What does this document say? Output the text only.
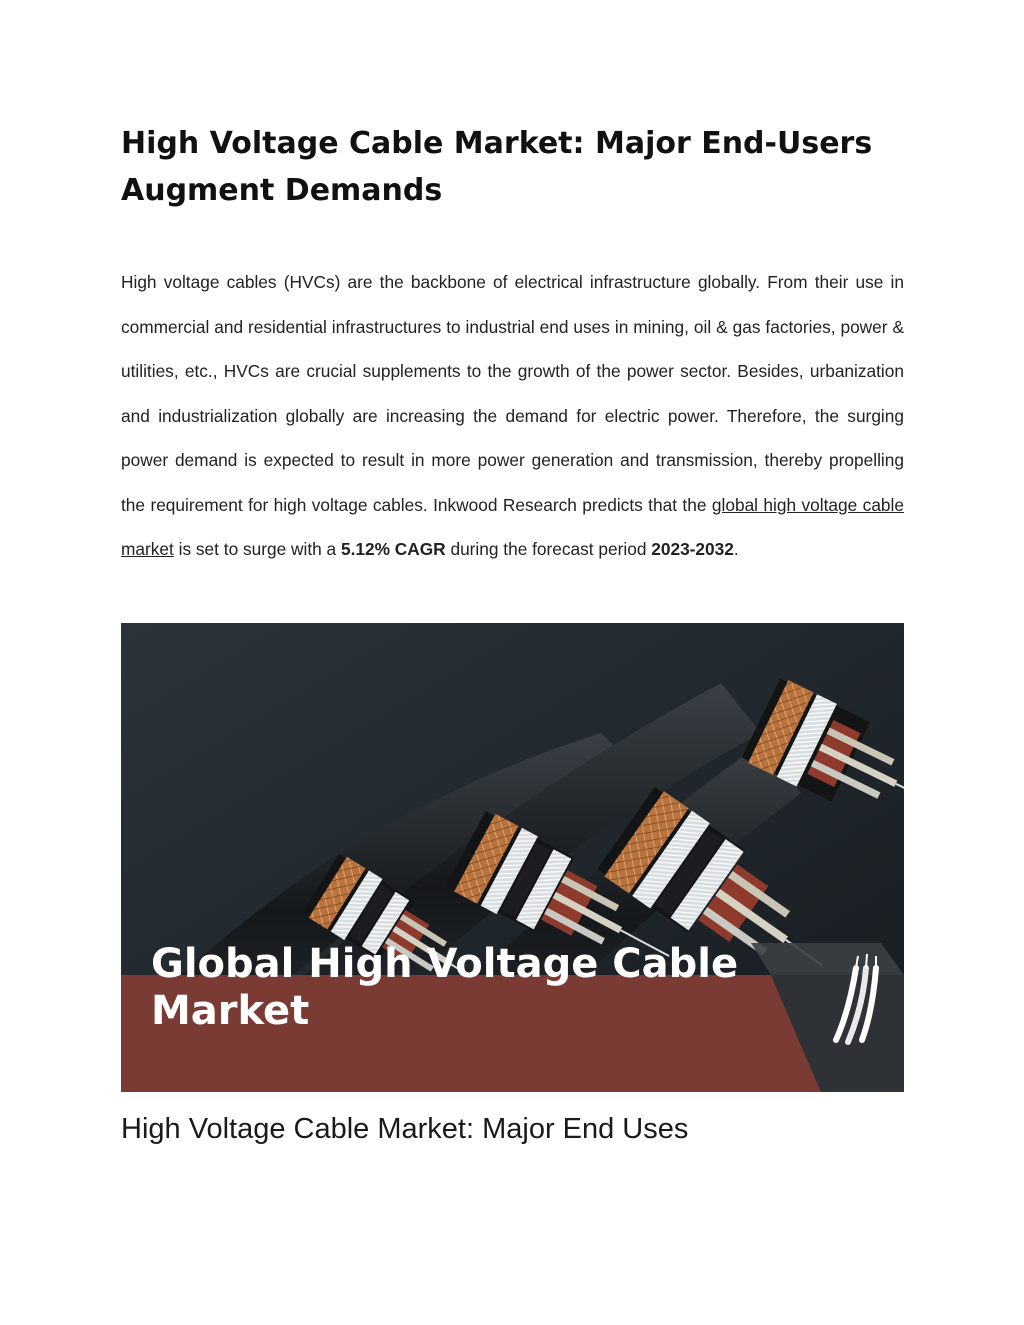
High Voltage Cable Market: Major End-Users Augment Demands

High voltage cables (HVCs) are the backbone of electrical infrastructure globally. From their use in commercial and residential infrastructures to industrial end uses in mining, oil & gas factories, power & utilities, etc., HVCs are crucial supplements to the growth of the power sector. Besides, urbanization and industrialization globally are increasing the demand for electric power. Therefore, the surging power demand is expected to result in more power generation and transmission, thereby propelling the requirement for high voltage cables. Inkwood Research predicts that the global high voltage cable market is set to surge with a 5.12% CAGR during the forecast period 2023-2032.

Global High Voltage Cable
Market
High Voltage Cable Market: Major End Uses
